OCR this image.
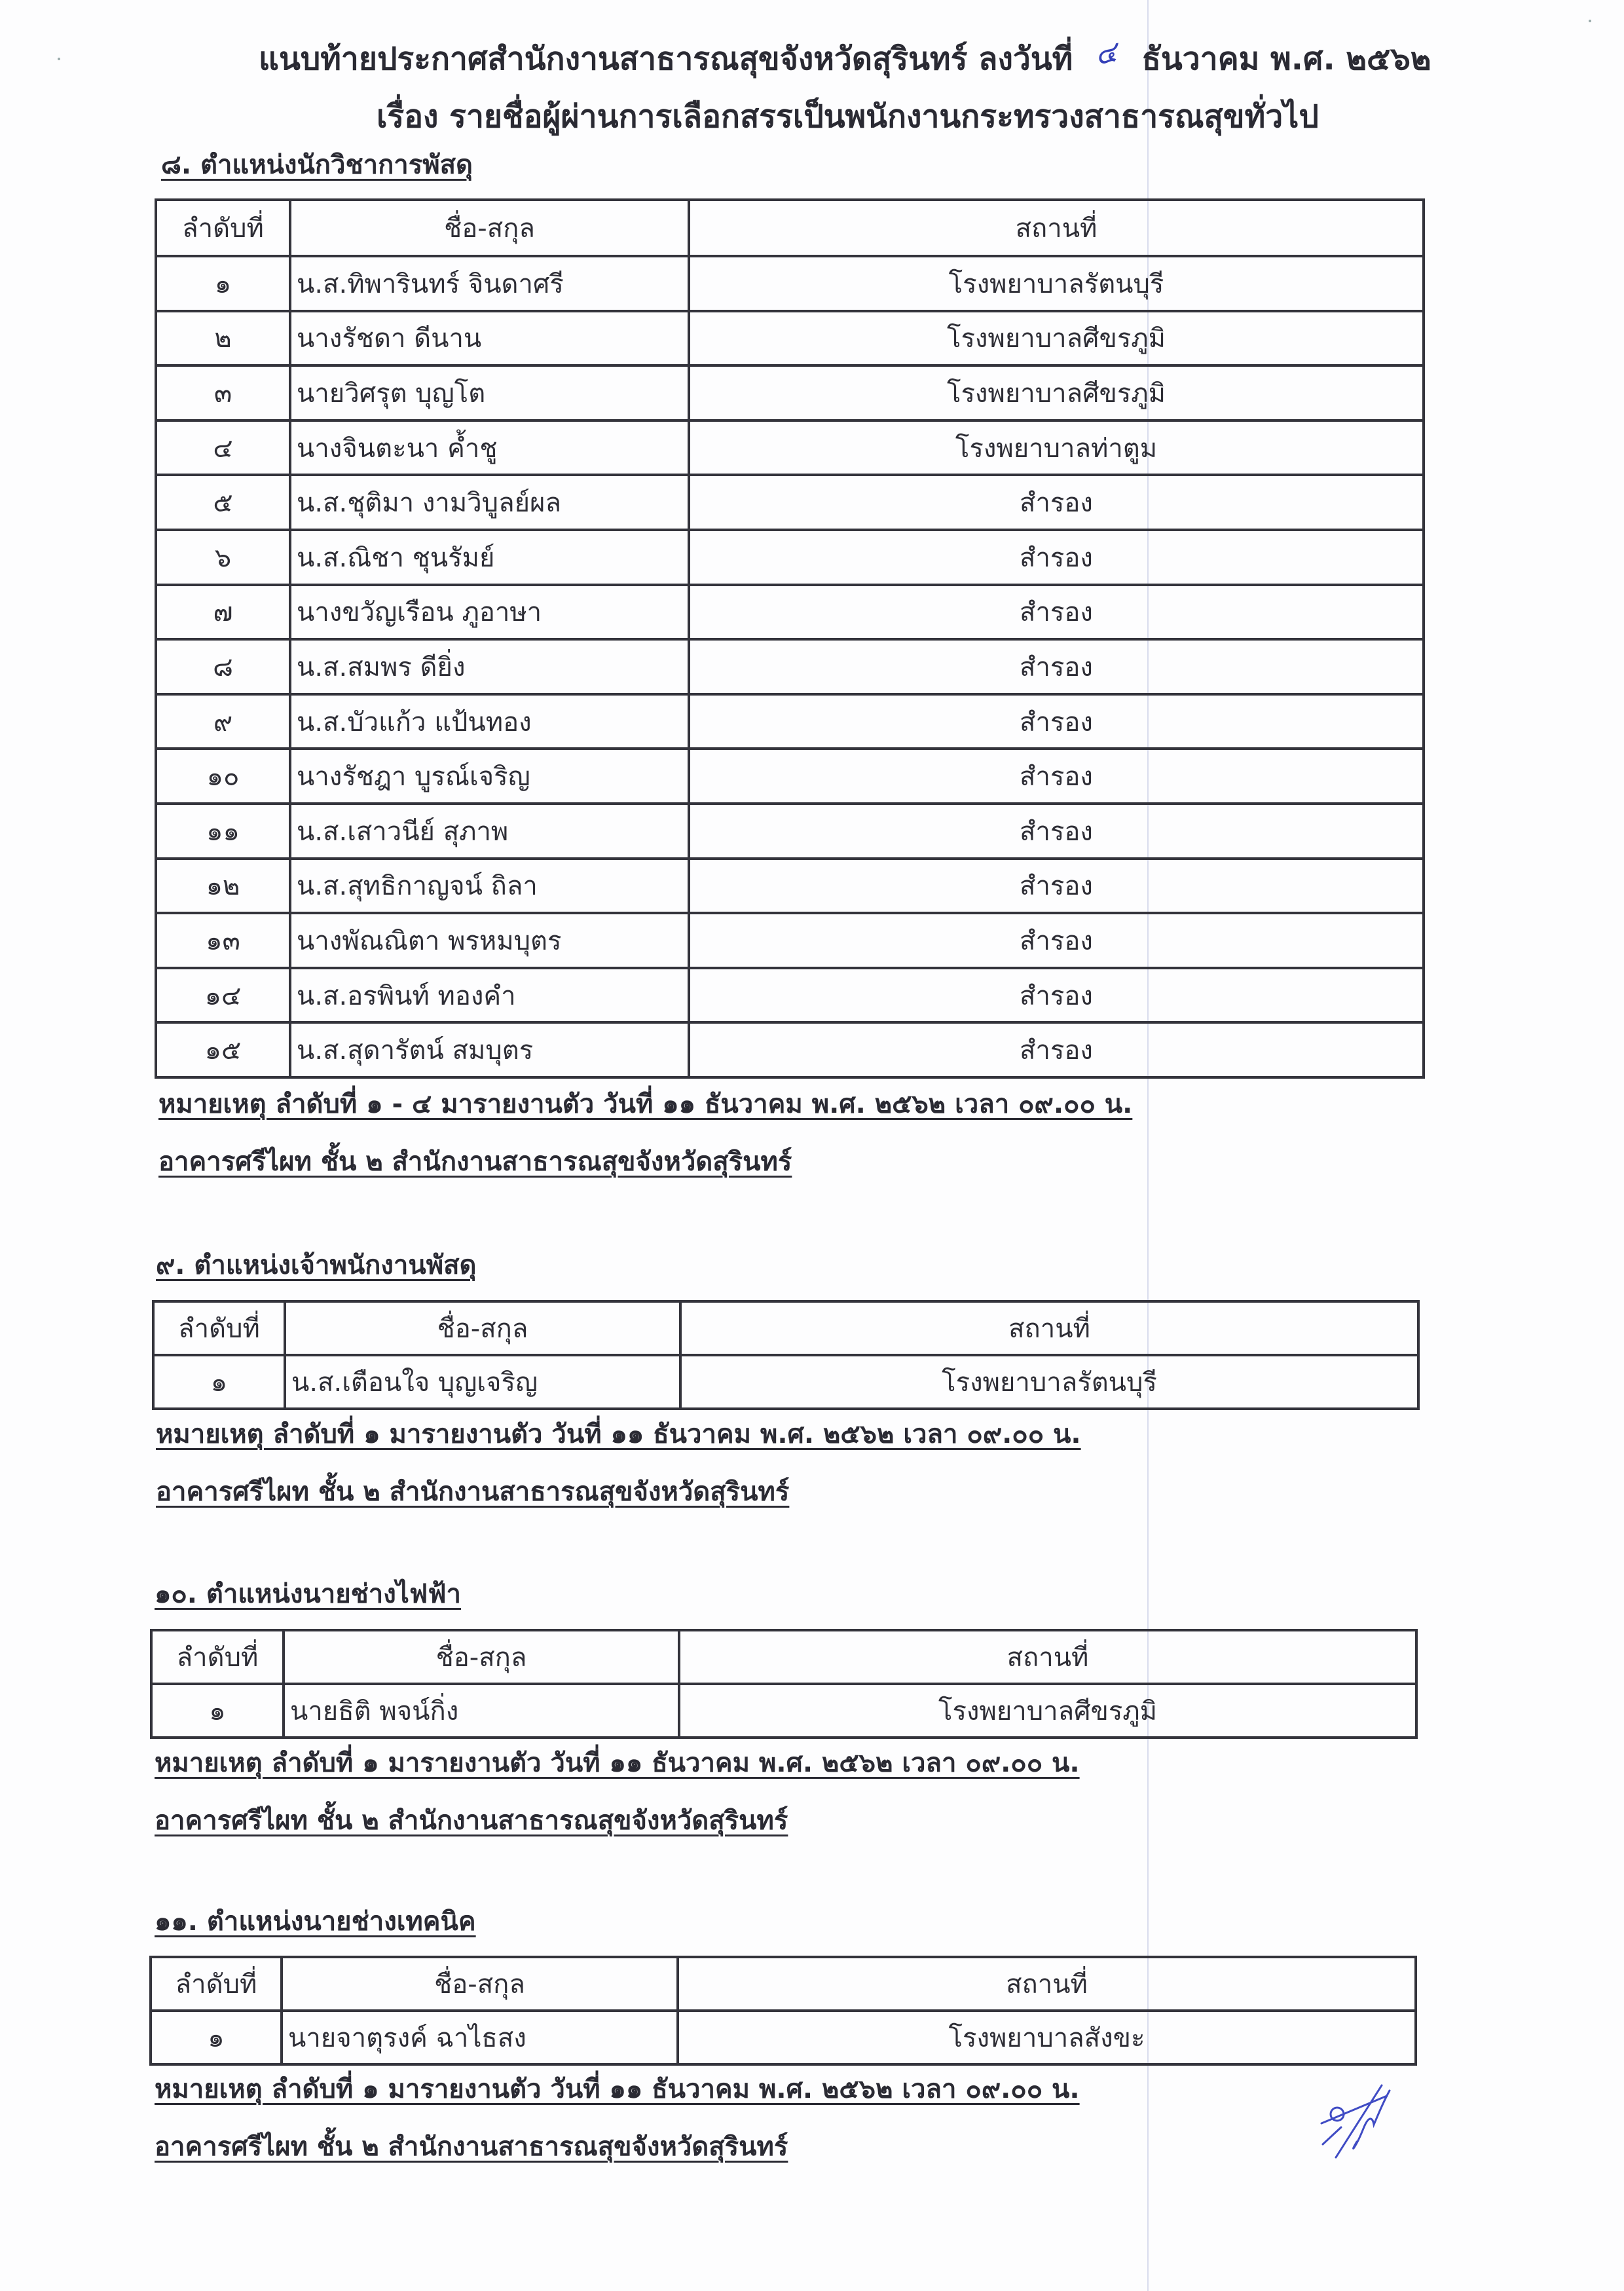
แนบท้ายประกาศสำนักงานสาธารณสุขจังหวัดสุรินทร์ ลงวันที่ ๔ ธันวาคม พ.ศ. ๒๕๖๒
เรื่อง รายชื่อผู้ผ่านการเลือกสรรเป็นพนักงานกระทรวงสาธารณสุขทั่วไป
๘. ตำแหน่งนักวิชาการพัสดุ
ลำดับที่	ชื่อ-สกุล	สถานที่
๑	น.ส.ทิพารินทร์ จินดาศรี	โรงพยาบาลรัตนบุรี
๒	นางรัชดา ดีนาน	โรงพยาบาลศีขรภูมิ
๓	นายวิศรุต บุญโต	โรงพยาบาลศีขรภูมิ
๔	นางจินตะนา ค้ำชู	โรงพยาบาลท่าตูม
๕	น.ส.ชุติมา งามวิบูลย์ผล	สำรอง
๖	น.ส.ณิชา ชุนรัมย์	สำรอง
๗	นางขวัญเรือน ภูอาษา	สำรอง
๘	น.ส.สมพร ดียิ่ง	สำรอง
๙	น.ส.บัวแก้ว แป้นทอง	สำรอง
๑๐	นางรัชฎา บูรณ์เจริญ	สำรอง
๑๑	น.ส.เสาวนีย์ สุภาพ	สำรอง
๑๒	น.ส.สุทธิกาญจน์ ถิลา	สำรอง
๑๓	นางพัณณิตา พรหมบุตร	สำรอง
๑๔	น.ส.อรพินท์ ทองคำ	สำรอง
๑๕	น.ส.สุดารัตน์ สมบุตร	สำรอง
หมายเหตุ ลำดับที่ ๑ - ๔ มารายงานตัว วันที่ ๑๑ ธันวาคม พ.ศ. ๒๕๖๒ เวลา ๐๙.๐๐ น.
อาคารศรีไผท ชั้น ๒ สำนักงานสาธารณสุขจังหวัดสุรินทร์
๙. ตำแหน่งเจ้าพนักงานพัสดุ
ลำดับที่	ชื่อ-สกุล	สถานที่
๑	น.ส.เตือนใจ บุญเจริญ	โรงพยาบาลรัตนบุรี
หมายเหตุ ลำดับที่ ๑ มารายงานตัว วันที่ ๑๑ ธันวาคม พ.ศ. ๒๕๖๒ เวลา ๐๙.๐๐ น.
อาคารศรีไผท ชั้น ๒ สำนักงานสาธารณสุขจังหวัดสุรินทร์
๑๐. ตำแหน่งนายช่างไฟฟ้า
ลำดับที่	ชื่อ-สกุล	สถานที่
๑	นายธิติ พจน์กิ่ง	โรงพยาบาลศีขรภูมิ
หมายเหตุ ลำดับที่ ๑ มารายงานตัว วันที่ ๑๑ ธันวาคม พ.ศ. ๒๕๖๒ เวลา ๐๙.๐๐ น.
อาคารศรีไผท ชั้น ๒ สำนักงานสาธารณสุขจังหวัดสุรินทร์
๑๑. ตำแหน่งนายช่างเทคนิค
ลำดับที่	ชื่อ-สกุล	สถานที่
๑	นายจาตุรงค์ ฉาไธสง	โรงพยาบาลสังขะ
หมายเหตุ ลำดับที่ ๑ มารายงานตัว วันที่ ๑๑ ธันวาคม พ.ศ. ๒๕๖๒ เวลา ๐๙.๐๐ น.
อาคารศรีไผท ชั้น ๒ สำนักงานสาธารณสุขจังหวัดสุรินทร์
